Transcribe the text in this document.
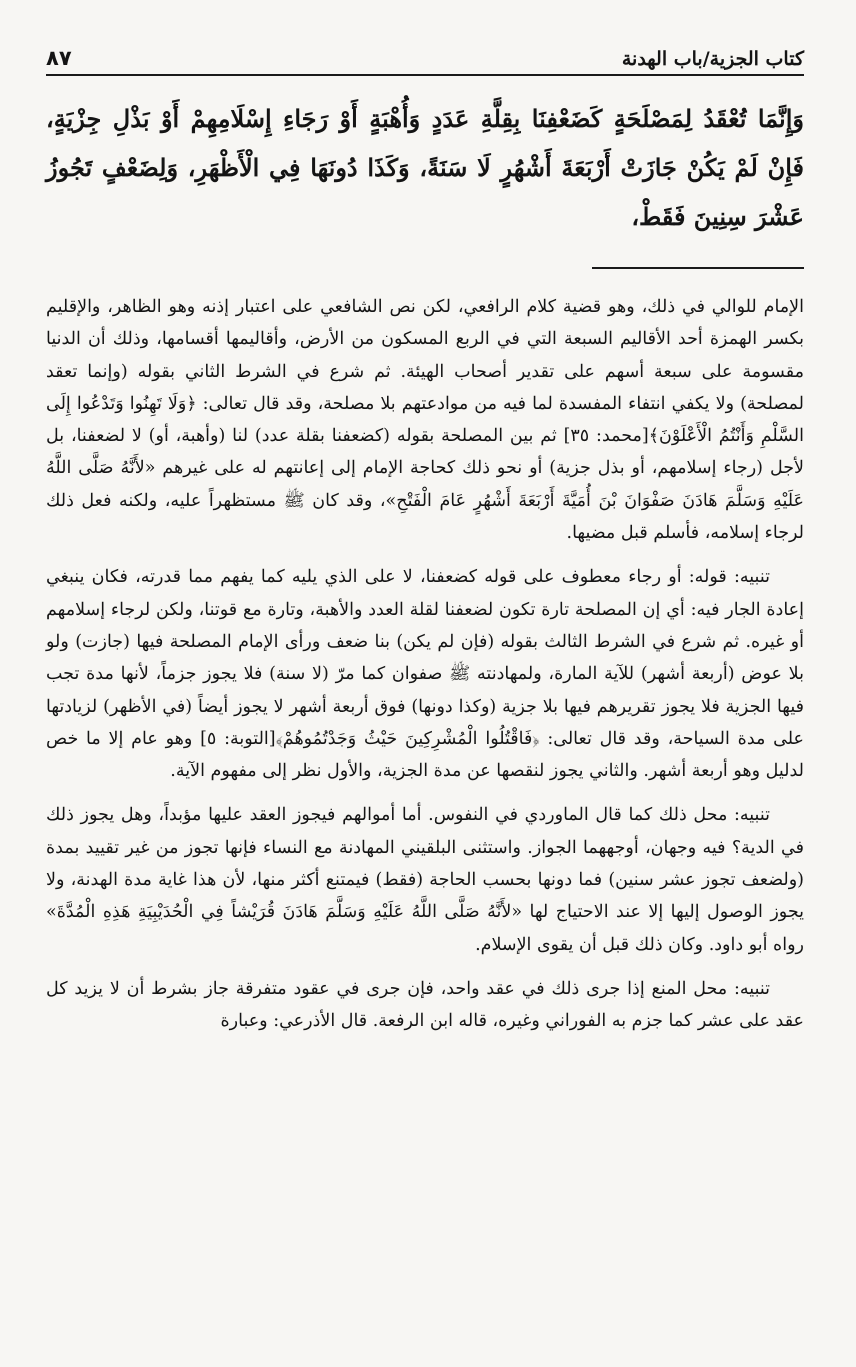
كتاب الجزية/باب الهدنة
٨٧
وَإِنَّمَا تُعْقَدُ لِمَصْلَحَةٍ كَضَعْفِنَا بِقِلَّةِ عَدَدٍ وَأُهْبَةٍ أَوْ رَجَاءِ إِسْلَامِهِمْ أَوْ بَذْلِ جِزْيَةٍ، فَإِنْ لَمْ يَكُنْ جَازَتْ أَرْبَعَةَ أَشْهُرٍ لَا سَنَةً، وَكَذَا دُونَهَا فِي الْأَظْهَرِ، وَلِضَعْفٍ تَجُوزُ عَشْرَ سِنِينَ فَقَطْ،

الإمام للوالي في ذلك، وهو قضية كلام الرافعي، لكن نص الشافعي على اعتبار إذنه وهو الظاهر، والإقليم بكسر الهمزة أحد الأقاليم السبعة التي في الربع المسكون من الأرض، وأقاليمها أقسامها، وذلك أن الدنيا مقسومة على سبعة أسهم على تقدير أصحاب الهيئة. ثم شرع في الشرط الثاني بقوله (وإنما تعقد لمصلحة) ولا يكفي انتفاء المفسدة لما فيه من موادعتهم بلا مصلحة، وقد قال تعالى: ﴿وَلَا تَهِنُوا وَتَدْعُوا إِلَى السَّلْمِ وَأَنْتُمُ الْأَعْلَوْنَ﴾[محمد: ٣٥] ثم بين المصلحة بقوله (كضعفنا بقلة عدد) لنا (وأهبة، أو) لا لضعفنا، بل لأجل (رجاء إسلامهم، أو بذل جزية) أو نحو ذلك كحاجة الإمام إلى إعانتهم له على غيرهم «لأَنَّهُ صَلَّى اللَّهُ عَلَيْهِ وَسَلَّمَ هَادَنَ صَفْوَانَ بْنَ أُمَيَّةَ أَرْبَعَةَ أَشْهُرٍ عَامَ الْفَتْحِ»، وقد كان ﷺ مستظهراً عليه، ولكنه فعل ذلك لرجاء إسلامه، فأسلم قبل مضيها.

تنبيه: قوله: أو رجاء معطوف على قوله كضعفنا، لا على الذي يليه كما يفهم مما قدرته، فكان ينبغي إعادة الجار فيه: أي إن المصلحة تارة تكون لضعفنا لقلة العدد والأهبة، وتارة مع قوتنا، ولكن لرجاء إسلامهم أو غيره. ثم شرع في الشرط الثالث بقوله (فإن لم يكن) بنا ضعف ورأى الإمام المصلحة فيها (جازت) ولو بلا عوض (أربعة أشهر) للآية المارة، ولمهادنته ﷺ صفوان كما مرّ (لا سنة) فلا يجوز جزماً، لأنها مدة تجب فيها الجزية فلا يجوز تقريرهم فيها بلا جزية (وكذا دونها) فوق أربعة أشهر لا يجوز أيضاً (في الأظهر) لزيادتها على مدة السياحة، وقد قال تعالى: ﴿فَاقْتُلُوا الْمُشْرِكِينَ حَيْثُ وَجَدْتُمُوهُمْ﴾[التوبة: ٥] وهو عام إلا ما خص لدليل وهو أربعة أشهر. والثاني يجوز لنقصها عن مدة الجزية، والأول نظر إلى مفهوم الآية.

تنبيه: محل ذلك كما قال الماوردي في النفوس. أما أموالهم فيجوز العقد عليها مؤبداً، وهل يجوز ذلك في الدية؟ فيه وجهان، أوجههما الجواز. واستثنى البلقيني المهادنة مع النساء فإنها تجوز من غير تقييد بمدة (ولضعف تجوز عشر سنين) فما دونها بحسب الحاجة (فقط) فيمتنع أكثر منها، لأن هذا غاية مدة الهدنة، ولا يجوز الوصول إليها إلا عند الاحتياج لها «لأَنَّهُ صَلَّى اللَّهُ عَلَيْهِ وَسَلَّمَ هَادَنَ قُرَيْشاً فِي الْحُدَيْبِيَةِ هَذِهِ الْمُدَّةَ» رواه أبو داود. وكان ذلك قبل أن يقوى الإسلام.

تنبيه: محل المنع إذا جرى ذلك في عقد واحد، فإن جرى في عقود متفرقة جاز بشرط أن لا يزيد كل عقد على عشر كما جزم به الفوراني وغيره، قاله ابن الرفعة. قال الأذرعي: وعبارة
